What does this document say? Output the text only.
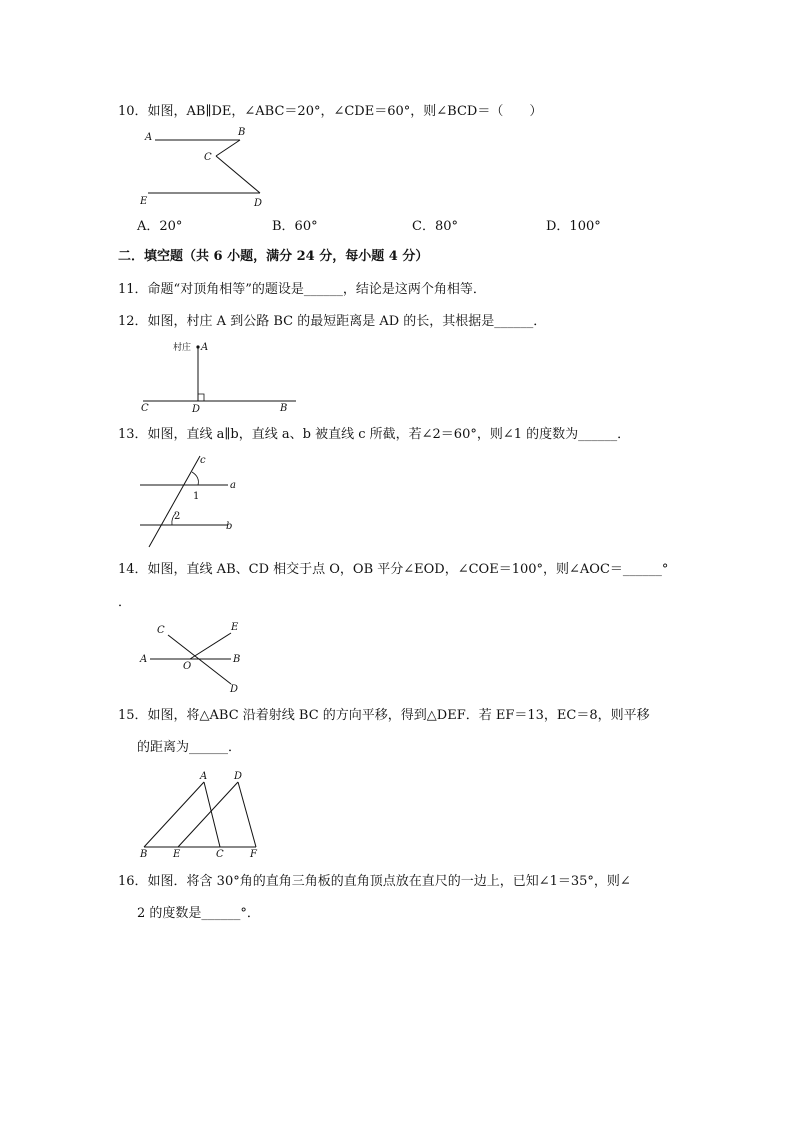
10．如图，AB∥DE，∠ABC＝20°，∠CDE＝60°，则∠BCD＝（　　）
A	B
C
D
E
A．20°	B．60°	C．80°	D．100°
二．填空题（共 6 小题，满分 24 分，每小题 4 分）
11．命题“对顶角相等”的题设是______，结论是这两个角相等．
12．如图，村庄 A 到公路 BC 的最短距离是 AD 的长，其根据是______．
村庄 A
C	D	B
13．如图，直线 a∥b，直线 a、b 被直线 c 所截，若∠2＝60°，则∠1 的度数为______．
c
a
b
1
2
14．如图，直线 AB、CD 相交于点 O，OB 平分∠EOD，∠COE＝100°，则∠AOC＝______°
．
A	B
C
D
E
O
15．如图，将△ABC 沿着射线 BC 的方向平移，得到△DEF．若 EF＝13，EC＝8，则平移
的距离为______．
A	D
B	E	C	F
16．如图．将含 30°角的直角三角板的直角顶点放在直尺的一边上，已知∠1＝35°，则∠
2 的度数是______°．
